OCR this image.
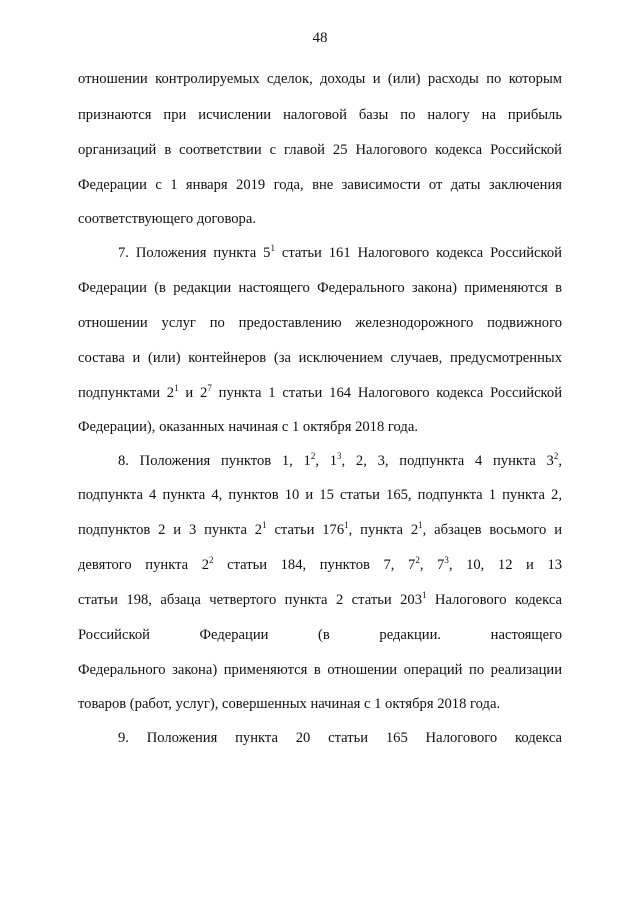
48
отношении контролируемых сделок, доходы и (или) расходы по которым
признаются при исчислении налоговой базы по налогу на прибыль
организаций в соответствии с главой 25 Налогового кодекса Российской
Федерации с 1 января 2019 года, вне зависимости от даты заключения
соответствующего договора.
7. Положения пункта $5^1$ статьи 161 Налогового кодекса Российской
Федерации (в редакции настоящего Федерального закона) применяются в
отношении услуг по предоставлению железнодорожного подвижного
состава и (или) контейнеров (за исключением случаев, предусмотренных
подпунктами $2^1$ и $2^7$ пункта 1 статьи 164 Налогового кодекса Российской
Федерации), оказанных начиная с 1 октября 2018 года.
8. Положения пунктов 1, $1^2$, $1^3$, 2, 3, подпункта 4 пункта $3^2$,
подпункта 4 пункта 4, пунктов 10 и 15 статьи 165, подпункта 1 пункта 2,
подпунктов 2 и 3 пункта $2^1$ статьи $176^1$, пункта $2^1$, абзацев восьмого и
девятого пункта $2^2$ статьи 184, пунктов 7, $7^2$, $7^3$, 10, 12 и 13
статьи 198, абзаца четвертого пункта 2 статьи $203^1$ Налогового кодекса
Российской Федерации (в редакции. настоящего
Федерального закона) применяются в отношении операций по реализации
товаров (работ, услуг), совершенных начиная с 1 октября 2018 года.
9. Положения пункта 20 статьи 165 Налогового кодекса
